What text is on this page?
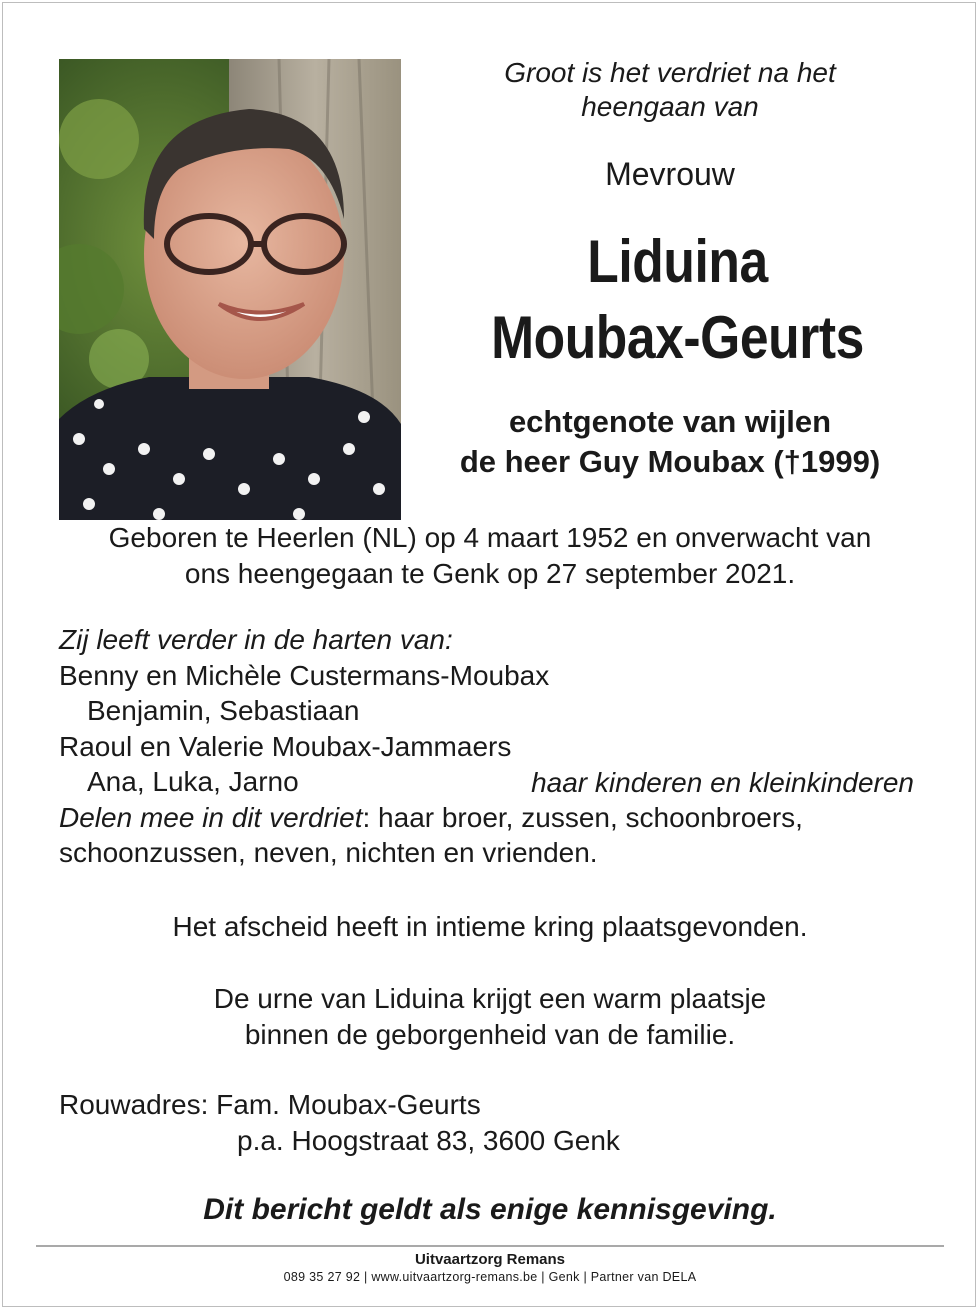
Groot is het verdriet na het
heengaan van
Mevrouw
Liduina
Moubax-Geurts
echtgenote van wijlen
de heer Guy Moubax (†1999)
Geboren te Heerlen (NL) op 4 maart 1952 en onverwacht van
ons heengegaan te Genk op 27 september 2021.
Zij leeft verder in de harten van:
Benny en Michèle Custermans-Moubax
Benjamin, Sebastiaan
Raoul en Valerie Moubax-Jammaers
Ana, Luka, Jarno
Delen mee in dit verdriet: haar broer, zussen, schoonbroers,
schoonzussen, neven, nichten en vrienden.
haar kinderen en kleinkinderen
Het afscheid heeft in intieme kring plaatsgevonden.
De urne van Liduina krijgt een warm plaatsje
binnen de geborgenheid van de familie.
Rouwadres: Fam. Moubax-Geurts
p.a. Hoogstraat 83, 3600 Genk
Dit bericht geldt als enige kennisgeving.
Uitvaartzorg Remans
089 35 27 92 | www.uitvaartzorg-remans.be | Genk | Partner van DELA
